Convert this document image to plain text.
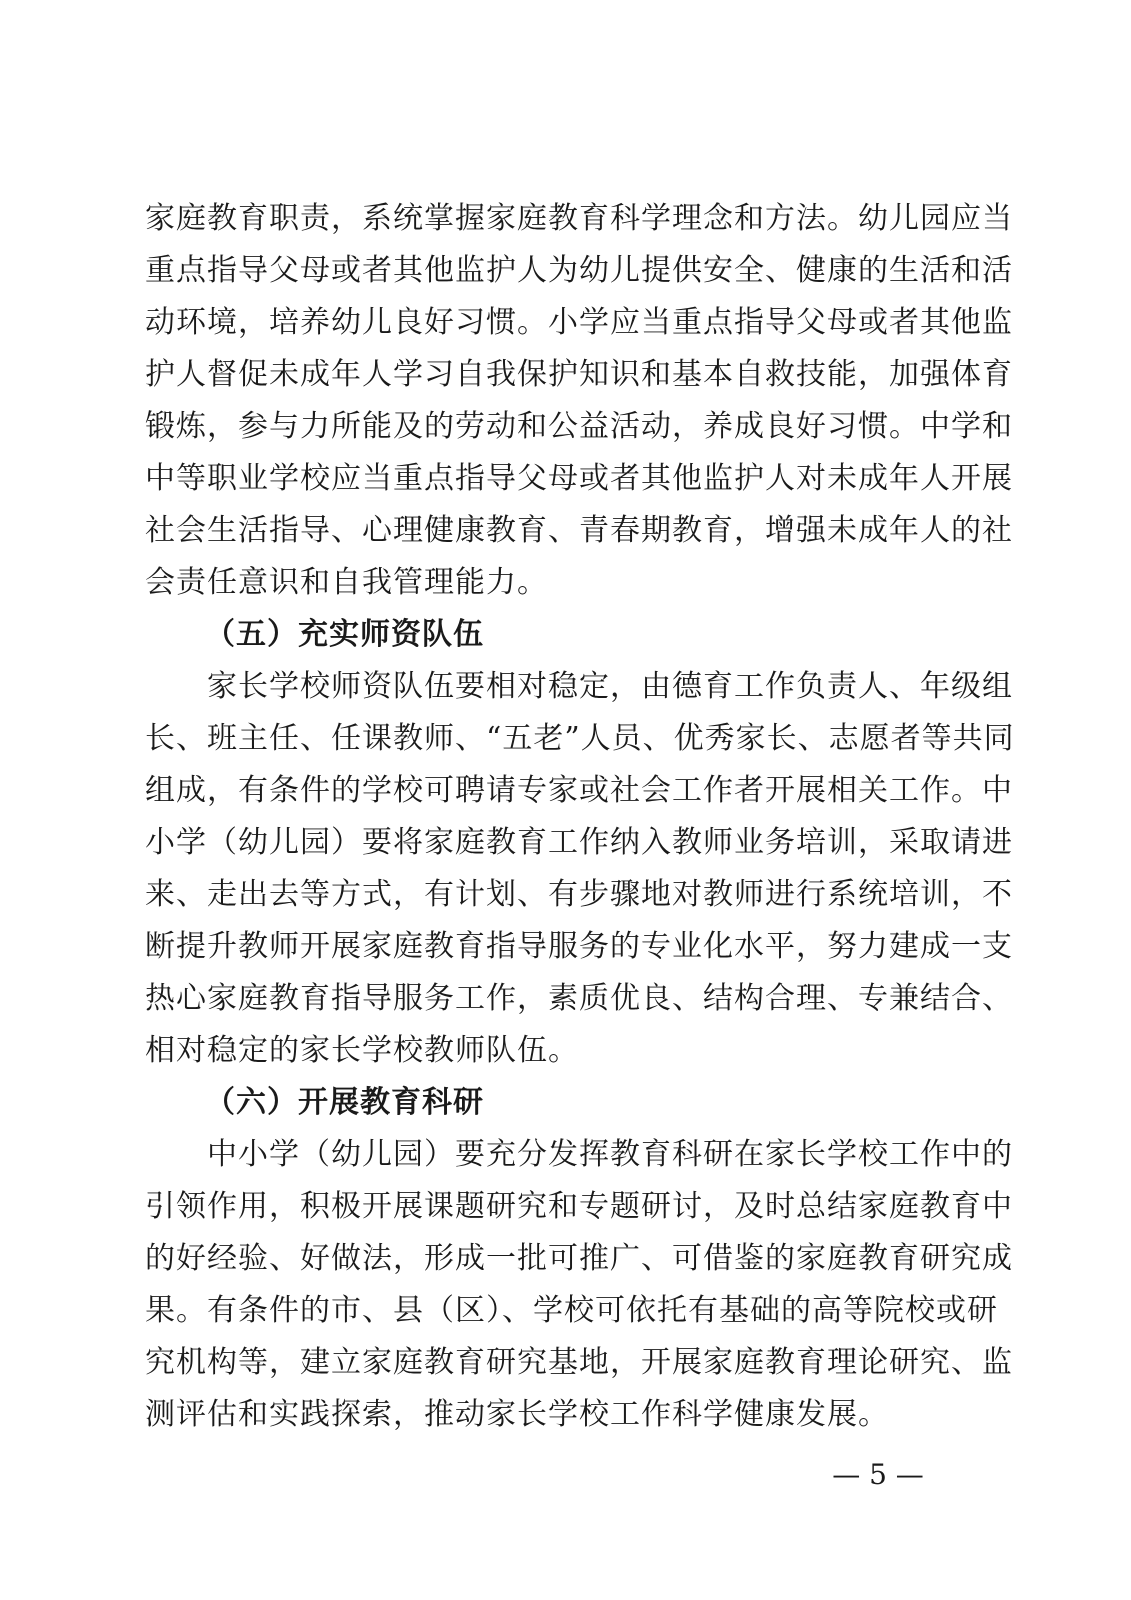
家庭教育职责，系统掌握家庭教育科学理念和方法。幼儿园应当
重点指导父母或者其他监护人为幼儿提供安全、健康的生活和活
动环境，培养幼儿良好习惯。小学应当重点指导父母或者其他监
护人督促未成年人学习自我保护知识和基本自救技能，加强体育
锻炼，参与力所能及的劳动和公益活动，养成良好习惯。中学和
中等职业学校应当重点指导父母或者其他监护人对未成年人开展
社会生活指导、心理健康教育、青春期教育，增强未成年人的社
会责任意识和自我管理能力。
（五）充实师资队伍
家长学校师资队伍要相对稳定，由德育工作负责人、年级组
长、班主任、任课教师、“五老”人员、优秀家长、志愿者等共同
组成，有条件的学校可聘请专家或社会工作者开展相关工作。中
小学（幼儿园）要将家庭教育工作纳入教师业务培训，采取请进
来、走出去等方式，有计划、有步骤地对教师进行系统培训，不
断提升教师开展家庭教育指导服务的专业化水平，努力建成一支
热心家庭教育指导服务工作，素质优良、结构合理、专兼结合、
相对稳定的家长学校教师队伍。
（六）开展教育科研
中小学（幼儿园）要充分发挥教育科研在家长学校工作中的
引领作用，积极开展课题研究和专题研讨，及时总结家庭教育中
的好经验、好做法，形成一批可推广、可借鉴的家庭教育研究成
果。有条件的市、县（区）、学校可依托有基础的高等院校或研
究机构等，建立家庭教育研究基地，开展家庭教育理论研究、监
测评估和实践探索，推动家长学校工作科学健康发展。
— 5 —
